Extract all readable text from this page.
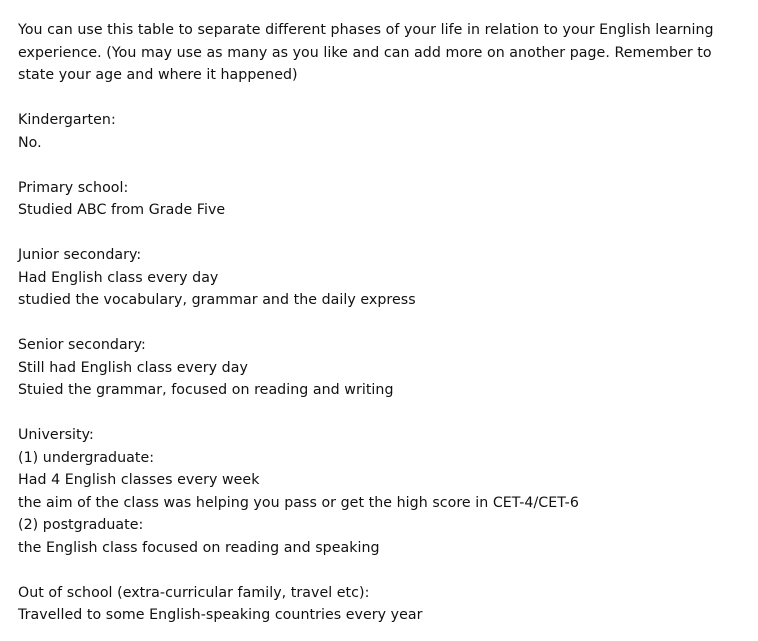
You can use this table to separate different phases of your life in relation to your English learning
experience. (You may use as many as you like and can add more on another page. Remember to
state your age and where it happened)
Kindergarten:
No.
Primary school:
Studied ABC from Grade Five
Junior secondary:
Had English class every day
studied the vocabulary, grammar and the daily express
Senior secondary:
Still had English class every day
Stuied the grammar, focused on reading and writing
University:
(1) undergraduate:
Had 4 English classes every week
the aim of the class was helping you pass or get the high score in CET-4/CET-6
(2) postgraduate:
the English class focused on reading and speaking
Out of school (extra-curricular family, travel etc):
Travelled to some English-speaking countries every year
